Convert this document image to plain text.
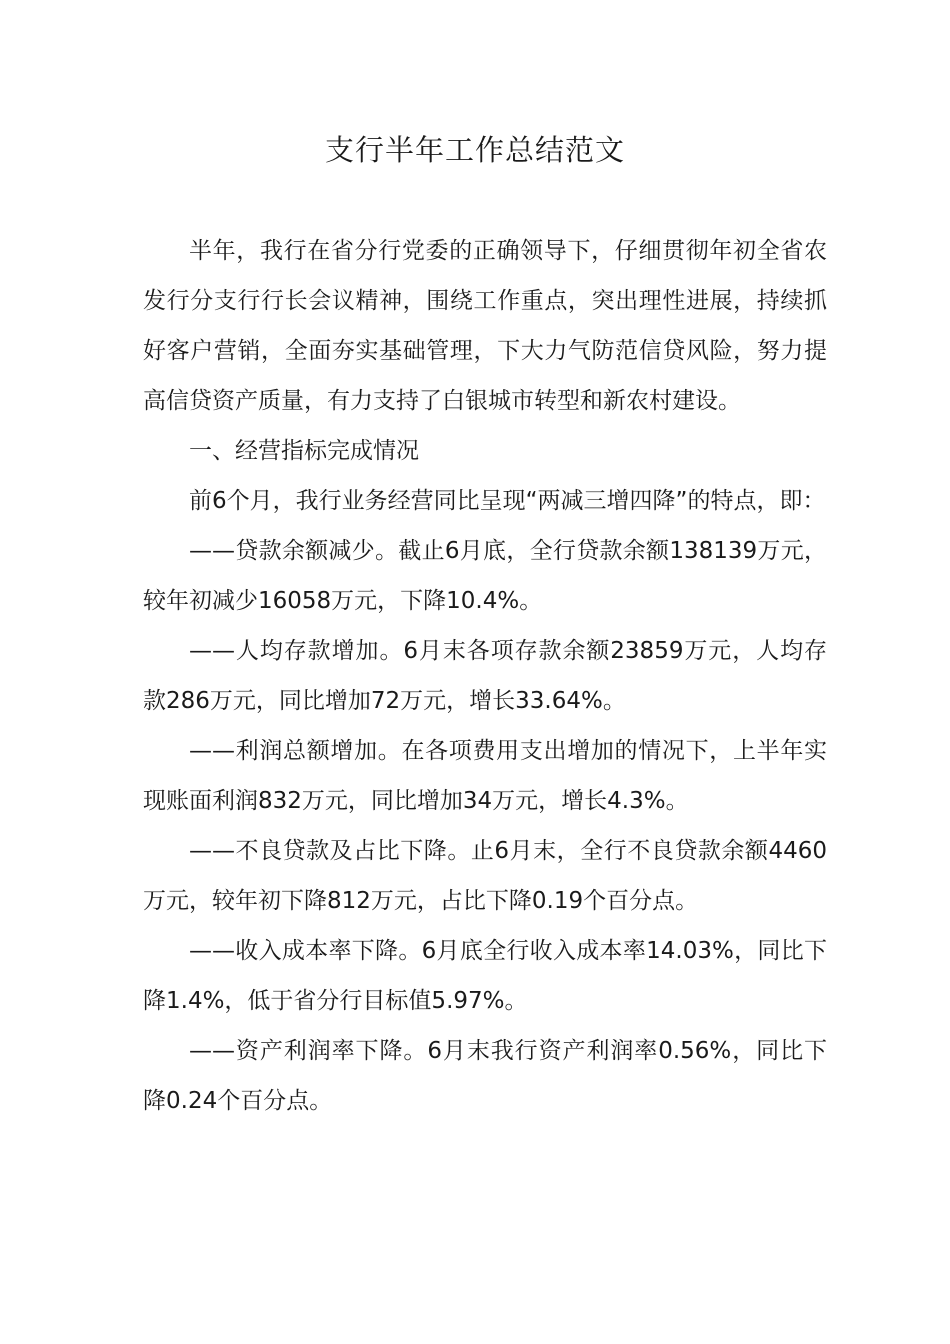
支行半年工作总结范文

半年，我行在省分行党委的正确领导下，仔细贯彻年初全省农发行分支行行长会议精神，围绕工作重点，突出理性进展，持续抓好客户营销，全面夯实基础管理，下大力气防范信贷风险，努力提高信贷资产质量，有力支持了白银城市转型和新农村建设。

一、经营指标完成情况

前6个月，我行业务经营同比呈现“两减三增四降”的特点，即：

——贷款余额减少。截止6月底，全行贷款余额138139万元，较年初减少16058万元，下降10.4%。

——人均存款增加。6月末各项存款余额23859万元，人均存款286万元，同比增加72万元，增长33.64%。

——利润总额增加。在各项费用支出增加的情况下，上半年实现账面利润832万元，同比增加34万元，增长4.3%。

——不良贷款及占比下降。止6月末，全行不良贷款余额4460万元，较年初下降812万元，占比下降0.19个百分点。

——收入成本率下降。6月底全行收入成本率14.03%，同比下降1.4%，低于省分行目标值5.97%。

——资产利润率下降。6月末我行资产利润率0.56%，同比下降0.24个百分点。
